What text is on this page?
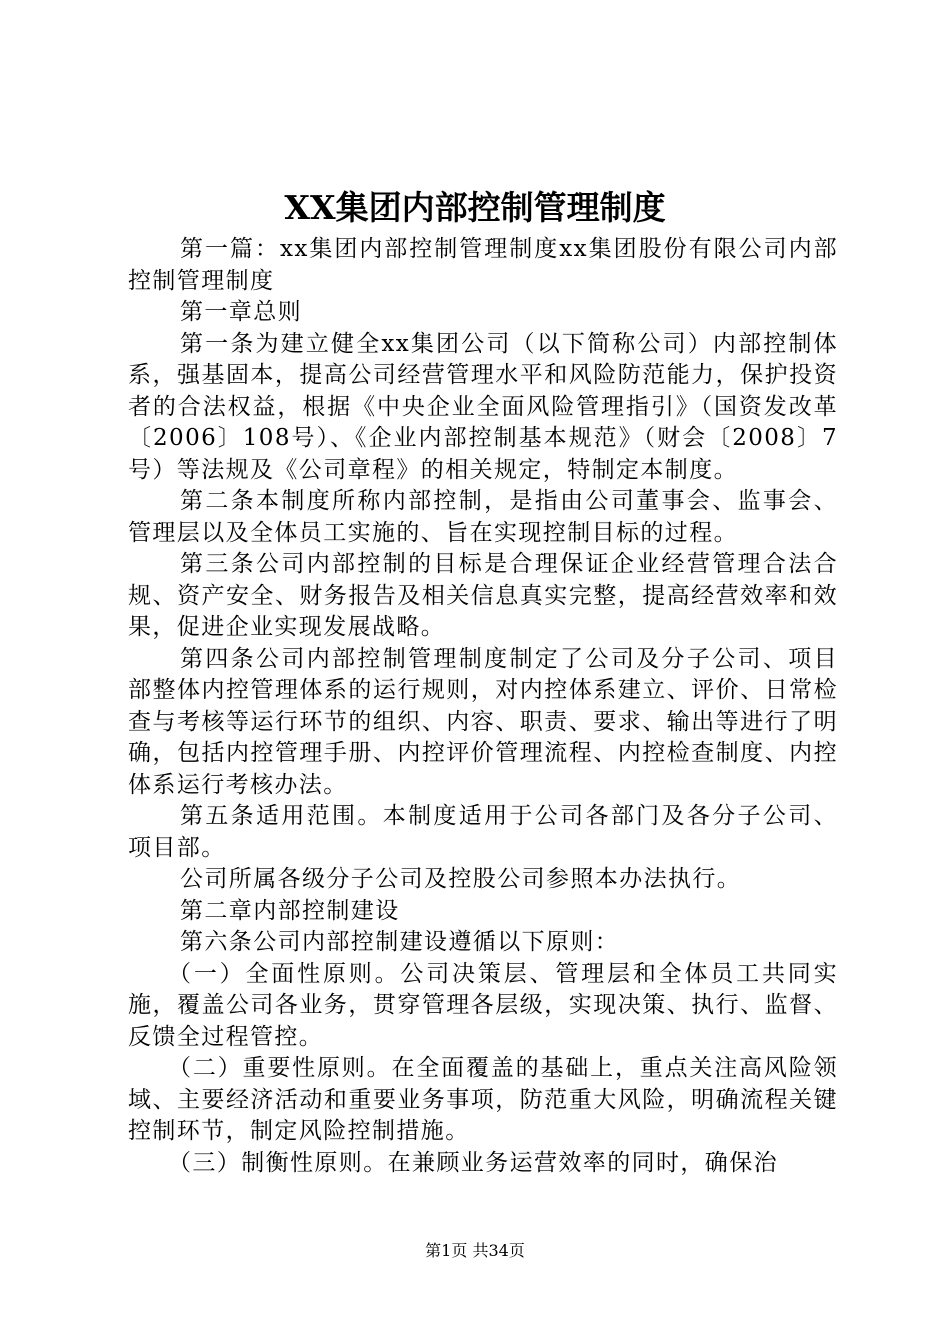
XX集团内部控制管理制度

第一篇：xx集团内部控制管理制度xx集团股份有限公司内部控制管理制度

第一章总则

第一条为建立健全xx集团公司（以下简称公司）内部控制体系，强基固本，提高公司经营管理水平和风险防范能力，保护投资者的合法权益，根据《中央企业全面风险管理指引》（国资发改革〔2006〕108号）、《企业内部控制基本规范》（财会〔2008〕7号）等法规及《公司章程》的相关规定，特制定本制度。

第二条本制度所称内部控制，是指由公司董事会、监事会、管理层以及全体员工实施的、旨在实现控制目标的过程。

第三条公司内部控制的目标是合理保证企业经营管理合法合规、资产安全、财务报告及相关信息真实完整，提高经营效率和效果，促进企业实现发展战略。

第四条公司内部控制管理制度制定了公司及分子公司、项目部整体内控管理体系的运行规则，对内控体系建立、评价、日常检查与考核等运行环节的组织、内容、职责、要求、输出等进行了明确，包括内控管理手册、内控评价管理流程、内控检查制度、内控体系运行考核办法。

第五条适用范围。本制度适用于公司各部门及各分子公司、项目部。

公司所属各级分子公司及控股公司参照本办法执行。

第二章内部控制建设

第六条公司内部控制建设遵循以下原则：

（一）全面性原则。公司决策层、管理层和全体员工共同实施，覆盖公司各业务，贯穿管理各层级，实现决策、执行、监督、反馈全过程管控。

（二）重要性原则。在全面覆盖的基础上，重点关注高风险领域、主要经济活动和重要业务事项，防范重大风险，明确流程关键控制环节，制定风险控制措施。

（三）制衡性原则。在兼顾业务运营效率的同时，确保治

第1页 共34页
